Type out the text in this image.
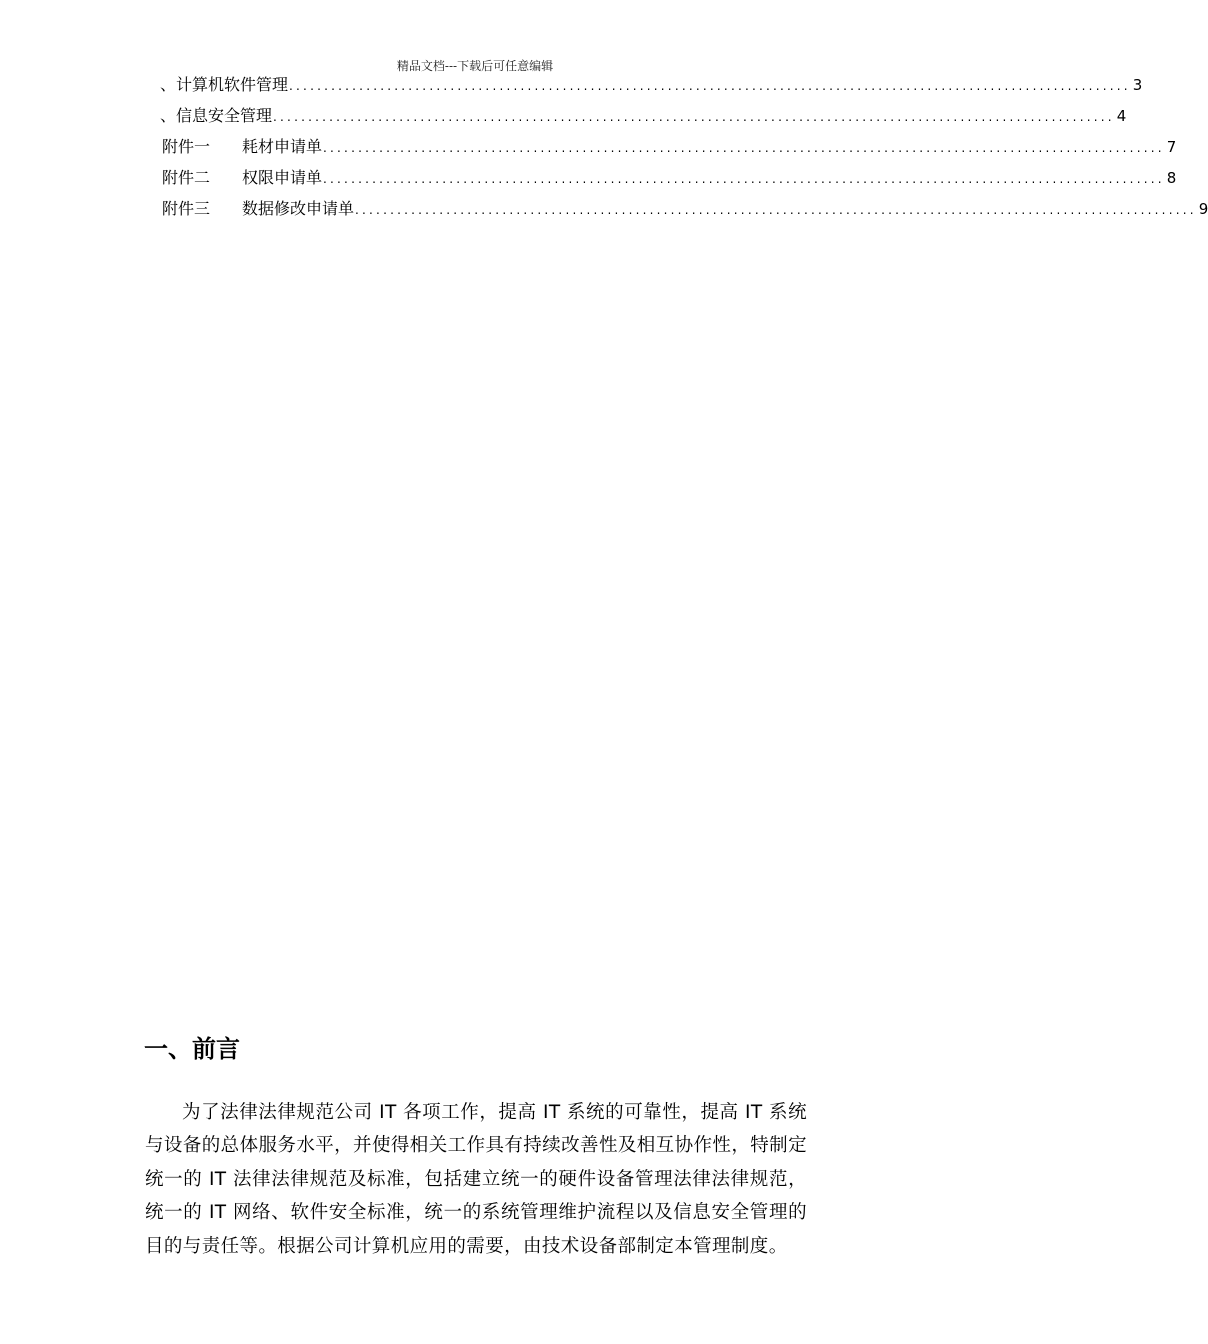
精品文档---下载后可任意编辑
、 计算机软件管理 ........................................................................................................................ 3
、 信息安全管理 ........................................................................................................................ 4
附件一	耗材申请单 ........................................................................................................................ 7
附件二	权限申请单 ........................................................................................................................ 8
附件三	数据修改申请单 ........................................................................................................................ 9
一、前言

为了法律法律规范公司 IT 各项工作，提高 IT 系统的可靠性，提高 IT 系统与设备的总体服务水平，并使得相关工作具有持续改善性及相互协作性，特制定统一的 IT 法律法律规范及标准，包括建立统一的硬件设备管理法律法律规范，统一的 IT 网络、软件安全标准，统一的系统管理维护流程以及信息安全管理的目的与责任等。根据公司计算机应用的需要，由技术设备部制定本管理制度。
